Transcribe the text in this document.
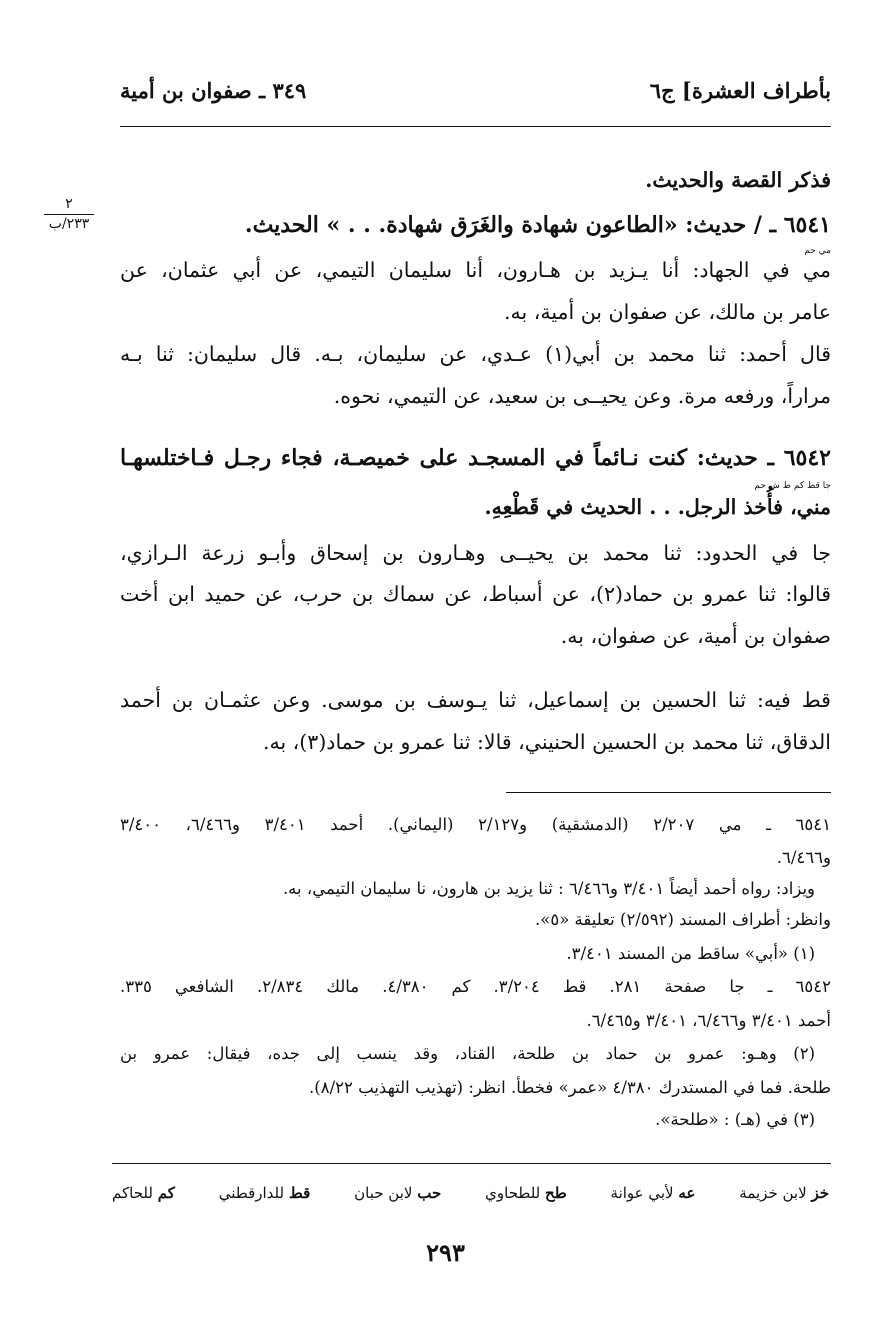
بأطراف العشرة] ج٦
٣٤٩ ـ صفوان بن أمية
٢
٢٣٣/ب
فذكر القصة والحديث.
٦٥٤١ ـ / حديث: «الطاعون شهادة والغَرَق شهادة. . . » الحديث.
مي حم
مي في الجهاد: أنا يـزيد بن هـارون، أنا سليمان التيمي، عن أبي عثمان، عن
عامر بن مالك، عن صفوان بن أمية، به.
قال أحمد: ثنا محمد بن أبي(١) عـدي، عن سليمان، بـه. قال سليمان: ثنا بـه
مراراً، ورفعه مرة. وعن يحيــى بن سعيد، عن التيمي، نحوه.
٦٥٤٢ ـ حديث: كنت نـائماً في المسجـد على خميصـة، فجاء رجـل فـاختلسهـا
جا قط كم ط ش حم
مني، فأُخذ الرجل. . . الحديث في قَطْعِهِ.
جا في الحدود: ثنا محمد بن يحيــى وهـارون بن إسحاق وأبـو زرعة الـرازي،
قالوا: ثنا عمرو بن حماد(٢)، عن أسباط، عن سماك بن حرب، عن حميد ابن أخت
صفوان بن أمية، عن صفوان، به.
قط فيه: ثنا الحسين بن إسماعيل، ثنا يـوسف بن موسى. وعن عثمـان بن أحمد
الدقاق، ثنا محمد بن الحسين الحنيني، قالا: ثنا عمرو بن حماد(٣)، به.
٦٥٤١ ـ مي ٢/٢٠٧ (الدمشقية) و٢/١٢٧ (اليماني). أحمد ٣/٤٠١ و٦/٤٦٦، ٣/٤٠٠
و٦/٤٦٦.
ويزاد: رواه أحمد أيضاً ٣/٤٠١ و٦/٤٦٦ : ثنا يزيد بن هارون، نا سليمان التيمي، به.
وانظر: أطراف المسند (٢/٥٩٢) تعليقة «٥».
(١) «أبي» ساقط من المسند ٣/٤٠١.
٦٥٤٢ ـ جا صفحة ٢٨١. قط ٣/٢٠٤. كم ٤/٣٨٠. مالك ٢/٨٣٤. الشافعي ٣٣٥.
أحمد ٣/٤٠١ و٦/٤٦٦، ٣/٤٠١ و٦/٤٦٥.
(٢) وهـو: عمرو بن حماد بن طلحة، القناد، وقد ينسب إلى جده، فيقال: عمرو بن
طلحة. فما في المستدرك ٤/٣٨٠ «عمر» فخطأ. انظر: (تهذيب التهذيب ٨/٢٢).
(٣) في (هـ) : «طلحة».
خز لابن خزيمة
عه لأبي عوانة
طح للطحاوي
حب لابن حبان
قط للدارقطني
كم للحاكم
٢٩٣
